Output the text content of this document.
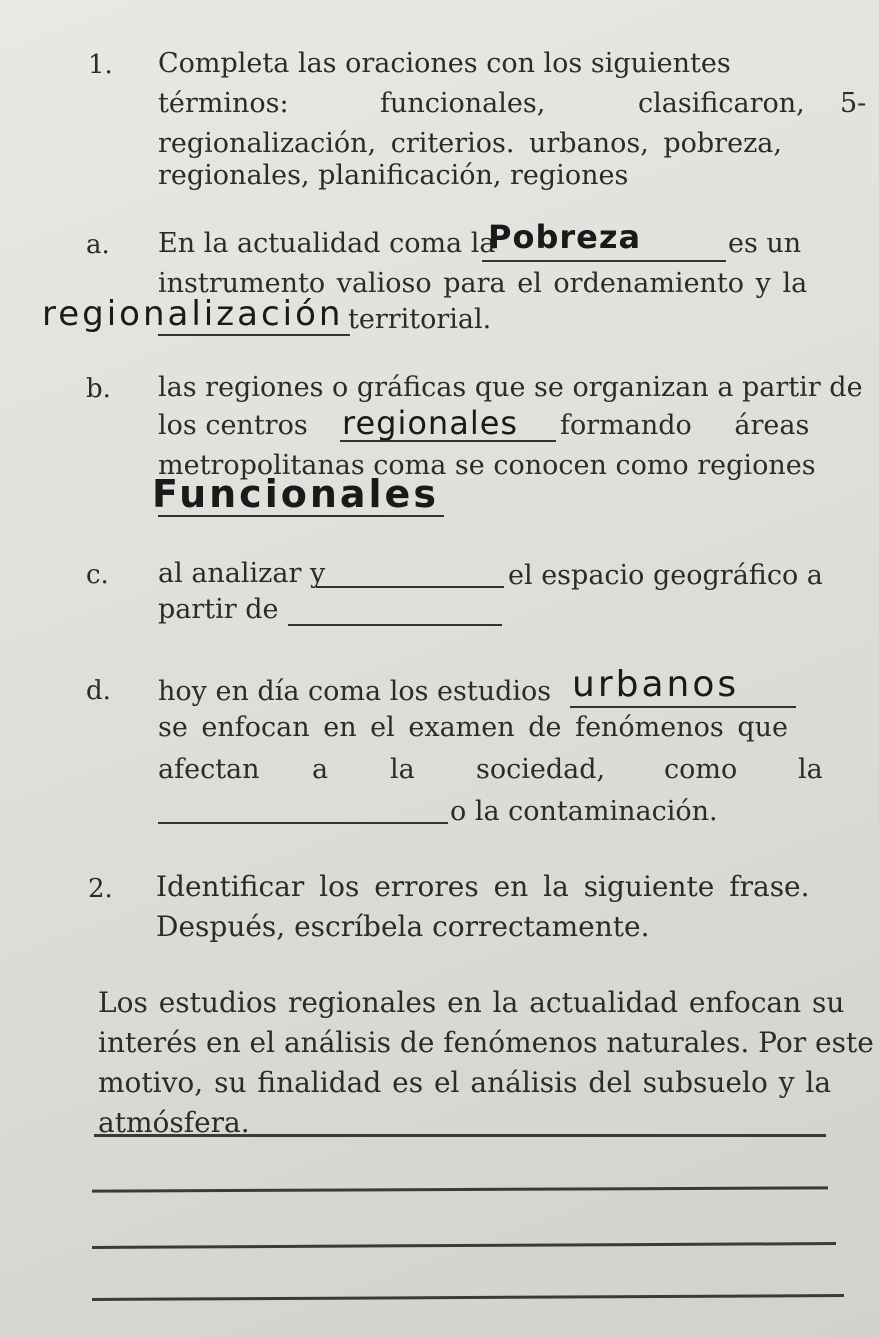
1. Completa las oraciones con los siguientes
términos:	funcionales,	clasificaron, 5-
regionalización, criterios. urbanos, pobreza,
regionales, planificación, regiones
a. En la actualidad coma la
Pobreza	es un
instrumento valioso para el ordenamiento y la
regionalización territorial.
b. las regiones o gráficas que se organizan a partir de
los centros regionales formando áreas
metropolitanas coma se conocen como regiones
Funcionales
c. al analizar y	el espacio geográfico a
partir de
d. hoy en día coma los estudios urbanos
se enfocan en el examen de fenómenos que
afectan a la sociedad, como la
o la contaminación.
2. Identificar los errores en la siguiente frase.
Después, escríbela correctamente.
Los estudios regionales en la actualidad enfocan su
interés en el análisis de fenómenos naturales. Por este
motivo, su finalidad es el análisis del subsuelo y la
atmósfera.
